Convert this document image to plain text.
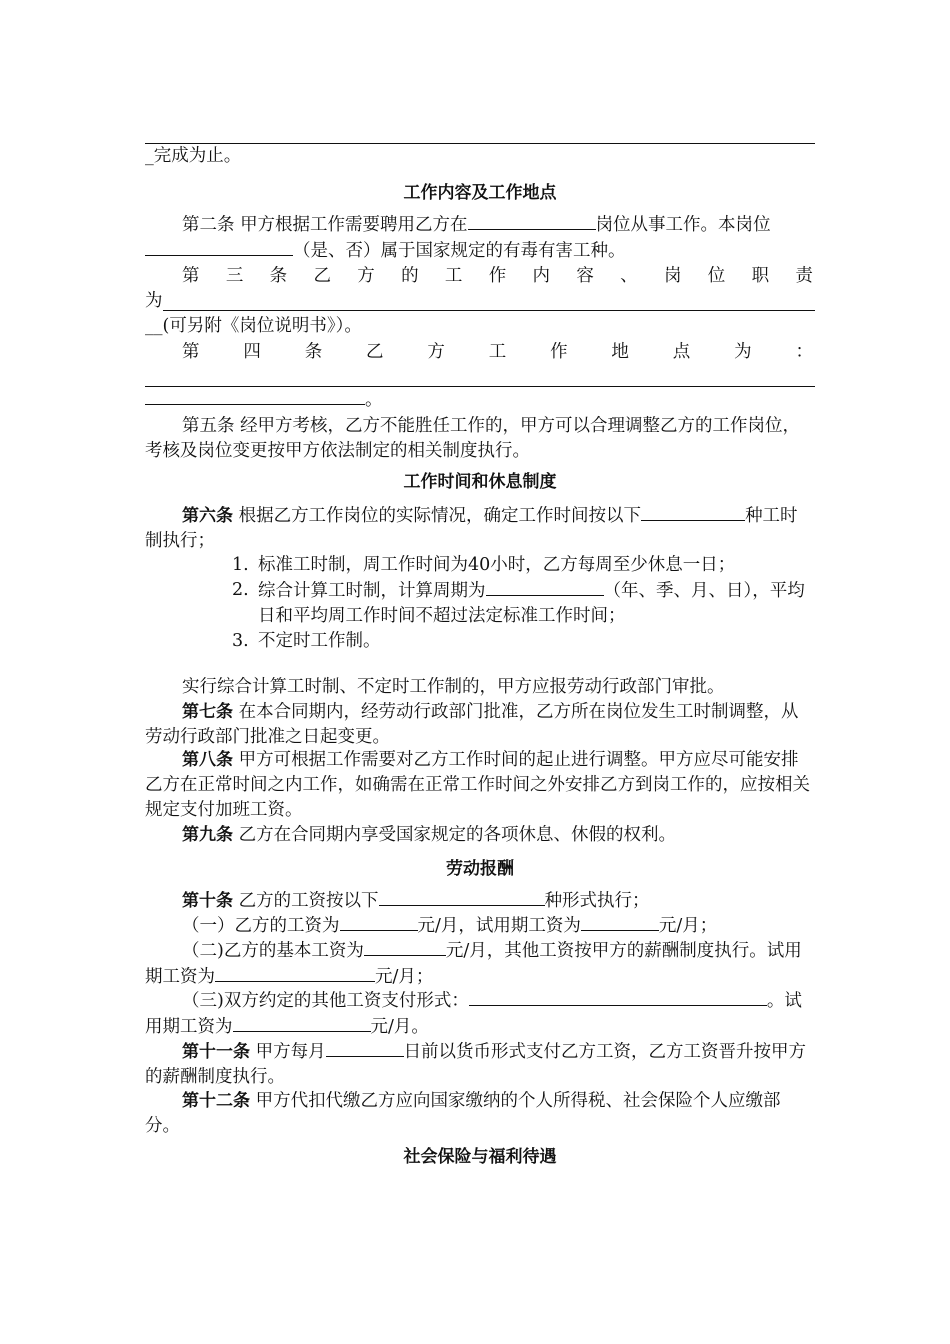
_完成为止。

工作内容及工作地点

第二条 甲方根据工作需要聘用乙方在	岗位从事工作。本岗位（是、否）属于国家规定的有毒有害工种。

第 三 条 乙 方 的 工 作 内 容 、 岗 位 职 责
为
__(可另附《岗位说明书》）。
第	四	条	乙	方	工	作	地	点	为	：
。

第五条 经甲方考核，乙方不能胜任工作的，甲方可以合理调整乙方的工作岗位，考核及岗位变更按甲方依法制定的相关制度执行。

工作时间和休息制度

第六条 根据乙方工作岗位的实际情况，确定工作时间按以下	种工时制执行；

1. 标准工时制，周工作时间为40小时，乙方每周至少休息一日；
2. 综合计算工时制，计算周期为	（年、季、月、日），平均日和平均周工作时间不超过法定标准工作时间；
3. 不定时工作制。

实行综合计算工时制、不定时工作制的，甲方应报劳动行政部门审批。

第七条 在本合同期内，经劳动行政部门批准，乙方所在岗位发生工时制调整，从劳动行政部门批准之日起变更。

第八条 甲方可根据工作需要对乙方工作时间的起止进行调整。甲方应尽可能安排乙方在正常时间之内工作，如确需在正常工作时间之外安排乙方到岗工作的，应按相关规定支付加班工资。

第九条 乙方在合同期内享受国家规定的各项休息、休假的权利。

劳动报酬

第十条 乙方的工资按以下	种形式执行；

（一）乙方的工资为	元/月，试用期工资为	元/月；

（二)乙方的基本工资为	元/月，其他工资按甲方的薪酬制度执行。试用期工资为	元/月；

（三)双方约定的其他工资支付形式：	。试用期工资为	元/月。

第十一条 甲方每月	日前以货币形式支付乙方工资，乙方工资晋升按甲方的薪酬制度执行。

第十二条 甲方代扣代缴乙方应向国家缴纳的个人所得税、社会保险个人应缴部分。

社会保险与福利待遇
